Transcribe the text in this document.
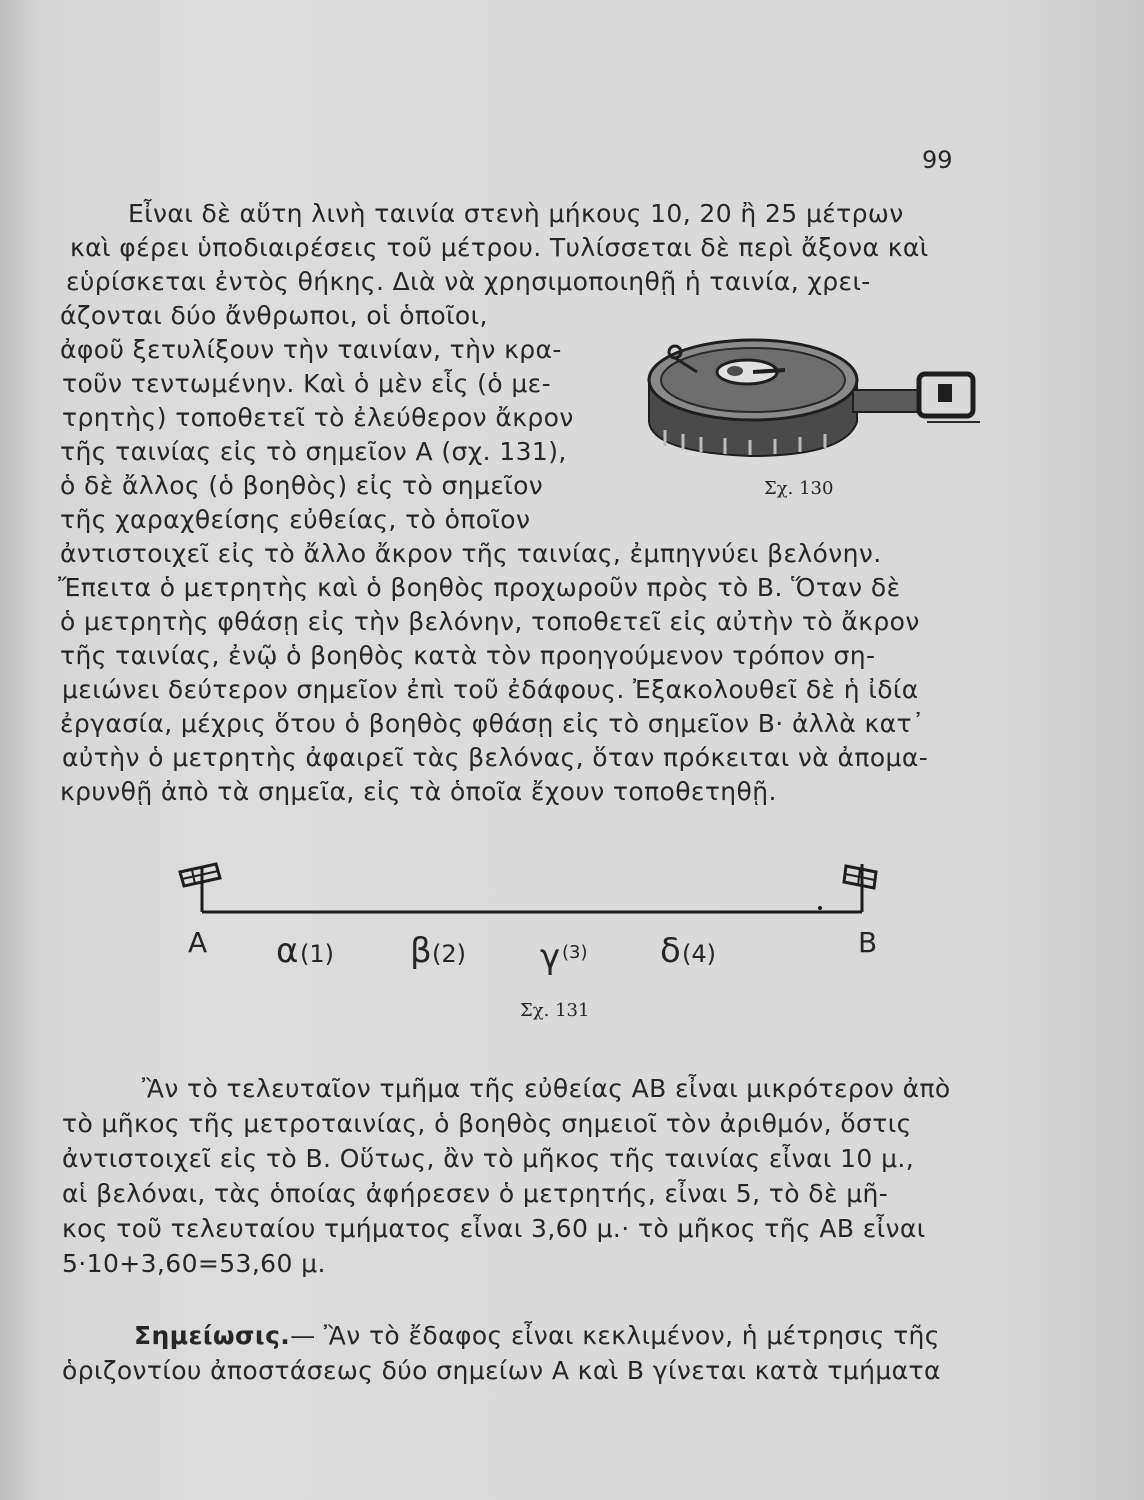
99
Εἶναι δὲ αὕτη λινὴ ταινία στενὴ μήκους 10, 20 ἢ 25 μέτρων
καὶ φέρει ὑποδιαιρέσεις τοῦ μέτρου. Τυλίσσεται δὲ περὶ ἄξονα καὶ
εὑρίσκεται ἐντὸς θήκης. Διὰ νὰ χρησιμοποιηθῇ ἡ ταινία, χρει-
άζονται δύο ἄνθρωποι, οἱ ὁποῖοι,
ἀφοῦ ξετυλίξουν τὴν ταινίαν, τὴν κρα-
τοῦν τεντωμένην. Καὶ ὁ μὲν εἷς (ὁ με-
τρητὴς) τοποθετεῖ τὸ ἐλεύθερον ἄκρον
τῆς ταινίας εἰς τὸ σημεῖον Α (σχ. 131),
ὁ δὲ ἄλλος (ὁ βοηθὸς) εἰς τὸ σημεῖον
τῆς χαραχθείσης εὐθείας, τὸ ὁποῖον
ἀντιστοιχεῖ εἰς τὸ ἄλλο ἄκρον τῆς ταινίας, ἐμπηγνύει βελόνην.
Ἔπειτα ὁ μετρητὴς καὶ ὁ βοηθὸς προχωροῦν πρὸς τὸ Β. Ὅταν δὲ
ὁ μετρητὴς φθάσῃ εἰς τὴν βελόνην, τοποθετεῖ εἰς αὐτὴν τὸ ἄκρον
τῆς ταινίας, ἐνῷ ὁ βοηθὸς κατὰ τὸν προηγούμενον τρόπον ση-
μειώνει δεύτερον σημεῖον ἐπὶ τοῦ ἐδάφους. Ἐξακολουθεῖ δὲ ἡ ἰδία
ἐργασία, μέχρις ὅτου ὁ βοηθὸς φθάσῃ εἰς τὸ σημεῖον Β· ἀλλὰ κατ᾽
αὐτὴν ὁ μετρητὴς ἀφαιρεῖ τὰς βελόνας, ὅταν πρόκειται νὰ ἀπομα-
κρυνθῇ ἀπὸ τὰ σημεῖα, εἰς τὰ ὁποῖα ἔχουν τοποθετηθῇ.
Σχ. 130
Α	Β
α (1) β (2) γ (3) δ (4)
Σχ. 131
Ἂν τὸ τελευταῖον τμῆμα τῆς εὐθείας ΑΒ εἶναι μικρότερον ἀπὸ
τὸ μῆκος τῆς μετροταινίας, ὁ βοηθὸς σημειοῖ τὸν ἀριθμόν, ὅστις
ἀντιστοιχεῖ εἰς τὸ Β. Οὕτως, ἂν τὸ μῆκος τῆς ταινίας εἶναι 10 μ.,
αἱ βελόναι, τὰς ὁποίας ἀφήρεσεν ὁ μετρητής, εἶναι 5, τὸ δὲ μῆ-
κος τοῦ τελευταίου τμήματος εἶναι 3,60 μ.· τὸ μῆκος τῆς ΑΒ εἶναι
5·10+3,60=53,60 μ.
Σημείωσις.— Ἂν τὸ ἔδαφος εἶναι κεκλιμένον, ἡ μέτρησις τῆς
ὁριζοντίου ἀποστάσεως δύο σημείων Α καὶ Β γίνεται κατὰ τμήματα
